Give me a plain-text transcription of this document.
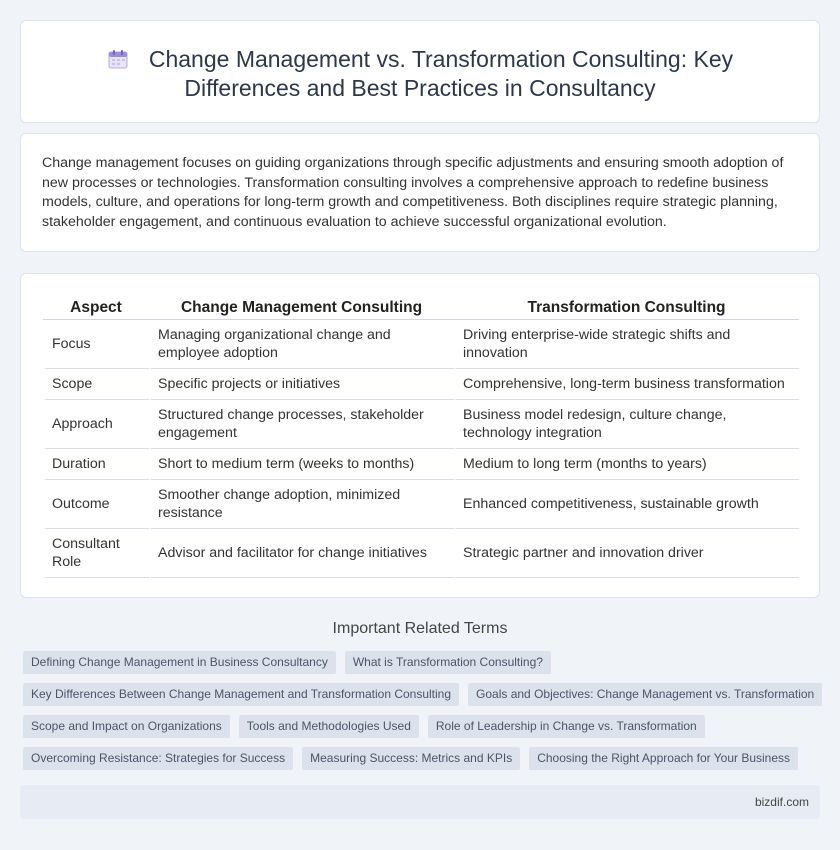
Change Management vs. Transformation Consulting: Key Differences and Best Practices in Consultancy

Change management focuses on guiding organizations through specific adjustments and ensuring smooth adoption of new processes or technologies. Transformation consulting involves a comprehensive approach to redefine business models, culture, and operations for long-term growth and competitiveness. Both disciplines require strategic planning, stakeholder engagement, and continuous evaluation to achieve successful organizational evolution.

Aspect	Change Management Consulting	Transformation Consulting
Focus	Managing organizational change and employee adoption	Driving enterprise-wide strategic shifts and innovation
Scope	Specific projects or initiatives	Comprehensive, long-term business transformation
Approach	Structured change processes, stakeholder engagement	Business model redesign, culture change, technology integration
Duration	Short to medium term (weeks to months)	Medium to long term (months to years)
Outcome	Smoother change adoption, minimized resistance	Enhanced competitiveness, sustainable growth
Consultant Role	Advisor and facilitator for change initiatives	Strategic partner and innovation driver
Important Related Terms
Defining Change Management in Business Consultancy	What is Transformation Consulting?
Key Differences Between Change Management and Transformation Consulting	Goals and Objectives: Change Management vs. Transformation
Scope and Impact on Organizations	Tools and Methodologies Used	Role of Leadership in Change vs. Transformation
Overcoming Resistance: Strategies for Success	Measuring Success: Metrics and KPIs	Choosing the Right Approach for Your Business
bizdif.com
